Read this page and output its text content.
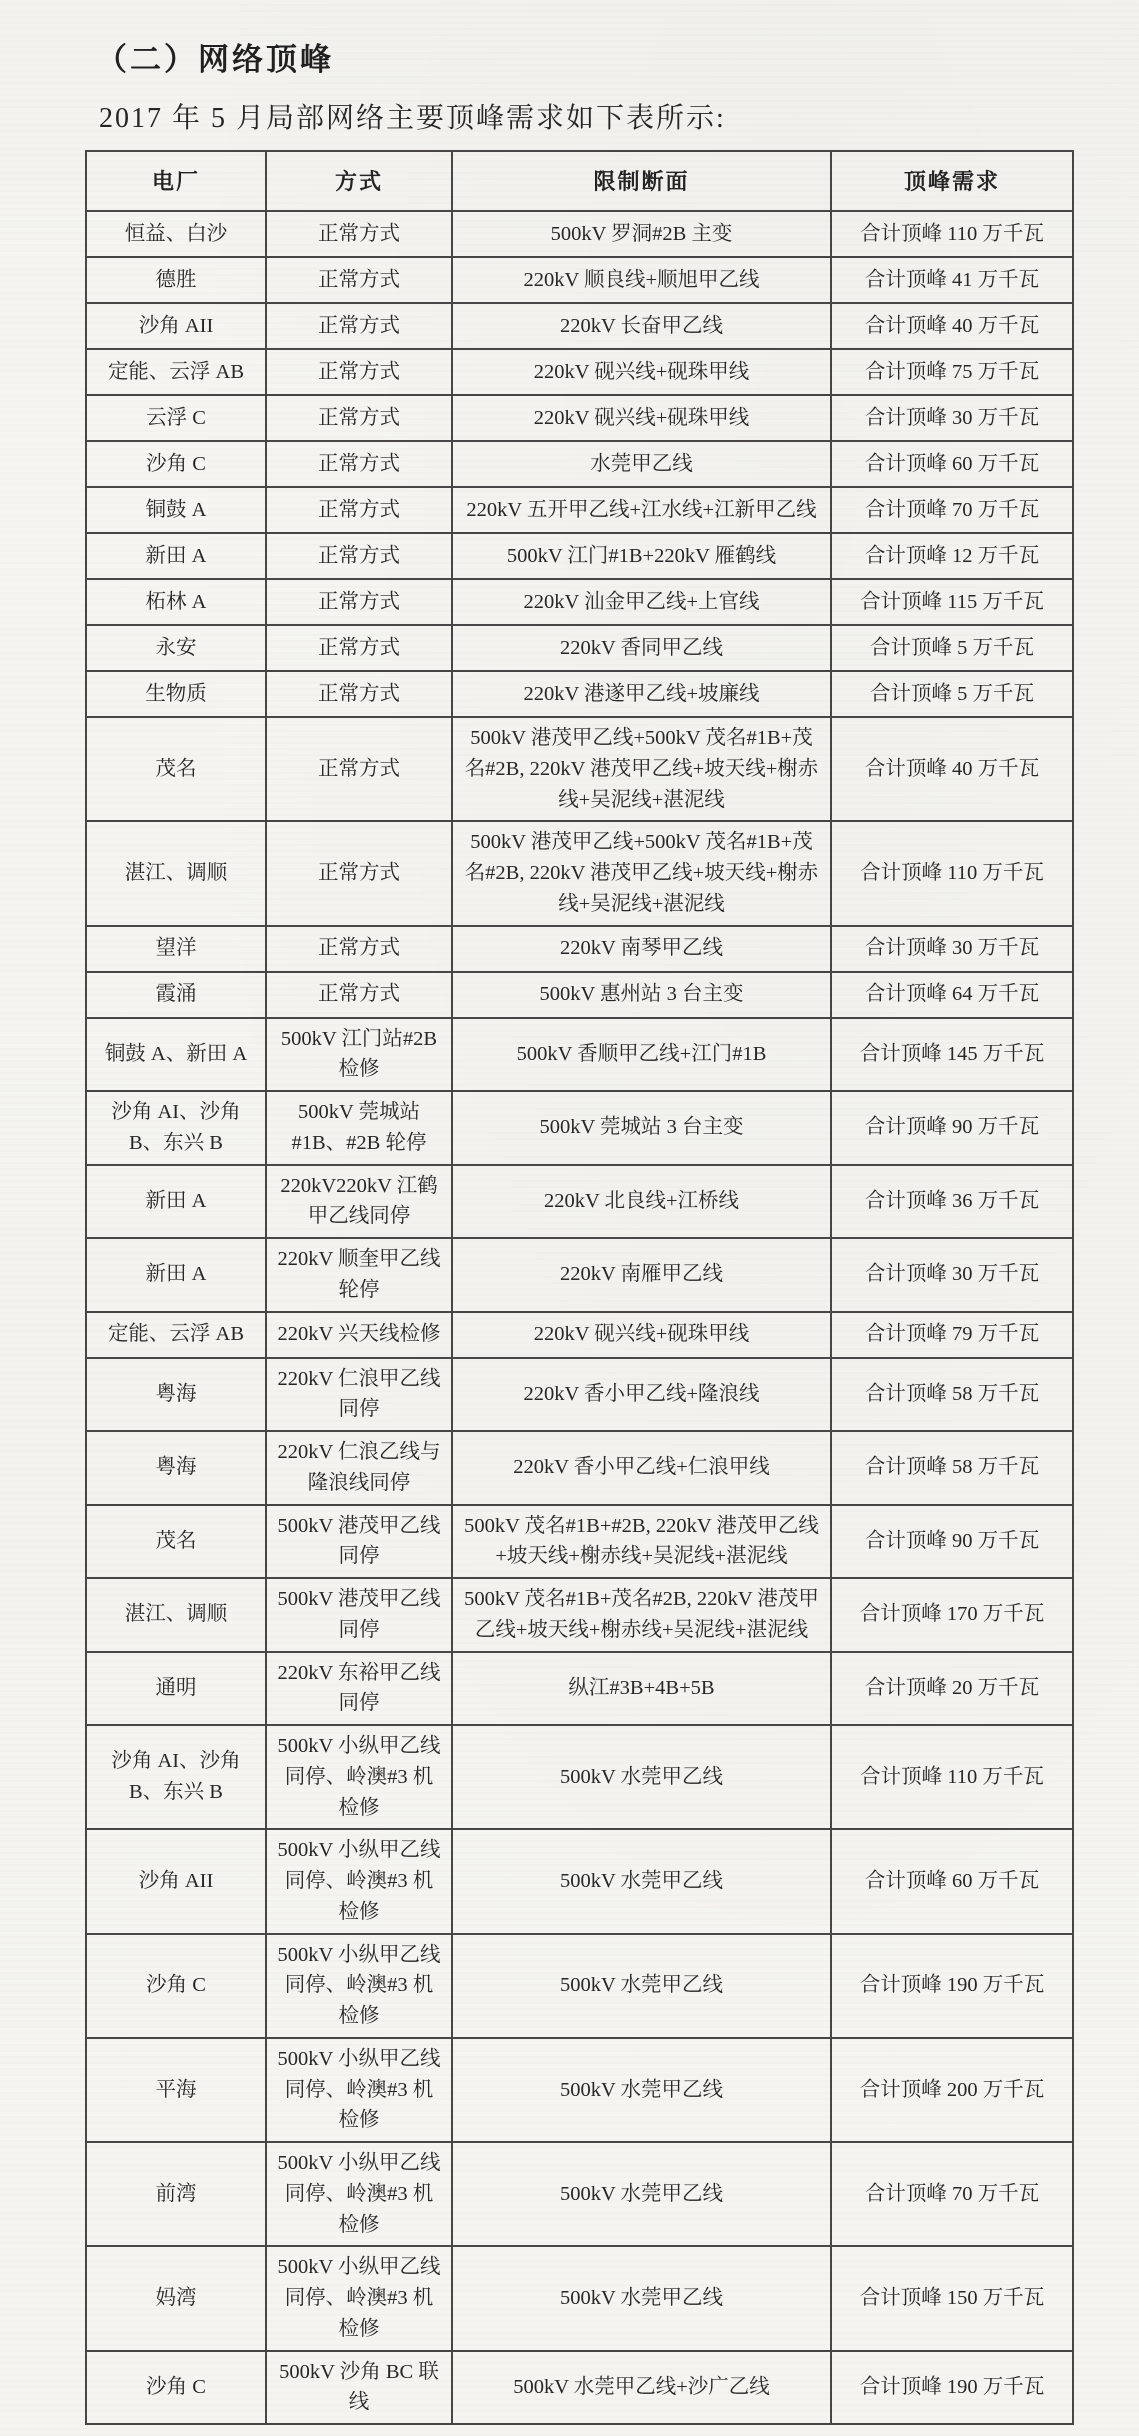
（二）网络顶峰
2017 年 5 月局部网络主要顶峰需求如下表所示:
电厂	方式	限制断面	顶峰需求
恒益、白沙	正常方式	500kV 罗洞#2B 主变	合计顶峰 110 万千瓦
德胜	正常方式	220kV 顺良线+顺旭甲乙线	合计顶峰 41 万千瓦
沙角 AII	正常方式	220kV 长奋甲乙线	合计顶峰 40 万千瓦
定能、云浮 AB	正常方式	220kV 砚兴线+砚珠甲线	合计顶峰 75 万千瓦
云浮 C	正常方式	220kV 砚兴线+砚珠甲线	合计顶峰 30 万千瓦
沙角 C	正常方式	水莞甲乙线	合计顶峰 60 万千瓦
铜鼓 A	正常方式	220kV 五开甲乙线+江水线+江新甲乙线	合计顶峰 70 万千瓦
新田 A	正常方式	500kV 江门#1B+220kV 雁鹤线	合计顶峰 12 万千瓦
柘林 A	正常方式	220kV 汕金甲乙线+上官线	合计顶峰 115 万千瓦
永安	正常方式	220kV 香同甲乙线	合计顶峰 5 万千瓦
生物质	正常方式	220kV 港遂甲乙线+坡廉线	合计顶峰 5 万千瓦
茂名	正常方式	500kV 港茂甲乙线+500kV 茂名#1B+茂名#2B, 220kV 港茂甲乙线+坡天线+榭赤线+吴泥线+湛泥线	合计顶峰 40 万千瓦
湛江、调顺	正常方式	500kV 港茂甲乙线+500kV 茂名#1B+茂名#2B, 220kV 港茂甲乙线+坡天线+榭赤线+吴泥线+湛泥线	合计顶峰 110 万千瓦
望洋	正常方式	220kV 南琴甲乙线	合计顶峰 30 万千瓦
霞涌	正常方式	500kV 惠州站 3 台主变	合计顶峰 64 万千瓦
铜鼓 A、新田 A	500kV 江门站#2B 检修	500kV 香顺甲乙线+江门#1B	合计顶峰 145 万千瓦
沙角 AI、沙角 B、东兴 B	500kV 莞城站#1B、#2B 轮停	500kV 莞城站 3 台主变	合计顶峰 90 万千瓦
新田 A	220kV220kV 江鹤甲乙线同停	220kV 北良线+江桥线	合计顶峰 36 万千瓦
新田 A	220kV 顺奎甲乙线轮停	220kV 南雁甲乙线	合计顶峰 30 万千瓦
定能、云浮 AB	220kV 兴天线检修	220kV 砚兴线+砚珠甲线	合计顶峰 79 万千瓦
粤海	220kV 仁浪甲乙线同停	220kV 香小甲乙线+隆浪线	合计顶峰 58 万千瓦
粤海	220kV 仁浪乙线与隆浪线同停	220kV 香小甲乙线+仁浪甲线	合计顶峰 58 万千瓦
茂名	500kV 港茂甲乙线同停	500kV 茂名#1B+#2B, 220kV 港茂甲乙线+坡天线+榭赤线+吴泥线+湛泥线	合计顶峰 90 万千瓦
湛江、调顺	500kV 港茂甲乙线同停	500kV 茂名#1B+茂名#2B, 220kV 港茂甲乙线+坡天线+榭赤线+吴泥线+湛泥线	合计顶峰 170 万千瓦
通明	220kV 东裕甲乙线同停	纵江#3B+4B+5B	合计顶峰 20 万千瓦
沙角 AI、沙角 B、东兴 B	500kV 小纵甲乙线同停、岭澳#3 机检修	500kV 水莞甲乙线	合计顶峰 110 万千瓦
沙角 AII	500kV 小纵甲乙线同停、岭澳#3 机检修	500kV 水莞甲乙线	合计顶峰 60 万千瓦
沙角 C	500kV 小纵甲乙线同停、岭澳#3 机检修	500kV 水莞甲乙线	合计顶峰 190 万千瓦
平海	500kV 小纵甲乙线同停、岭澳#3 机检修	500kV 水莞甲乙线	合计顶峰 200 万千瓦
前湾	500kV 小纵甲乙线同停、岭澳#3 机检修	500kV 水莞甲乙线	合计顶峰 70 万千瓦
妈湾	500kV 小纵甲乙线同停、岭澳#3 机检修	500kV 水莞甲乙线	合计顶峰 150 万千瓦
沙角 C	500kV 沙角 BC 联线	500kV 水莞甲乙线+沙广乙线	合计顶峰 190 万千瓦
